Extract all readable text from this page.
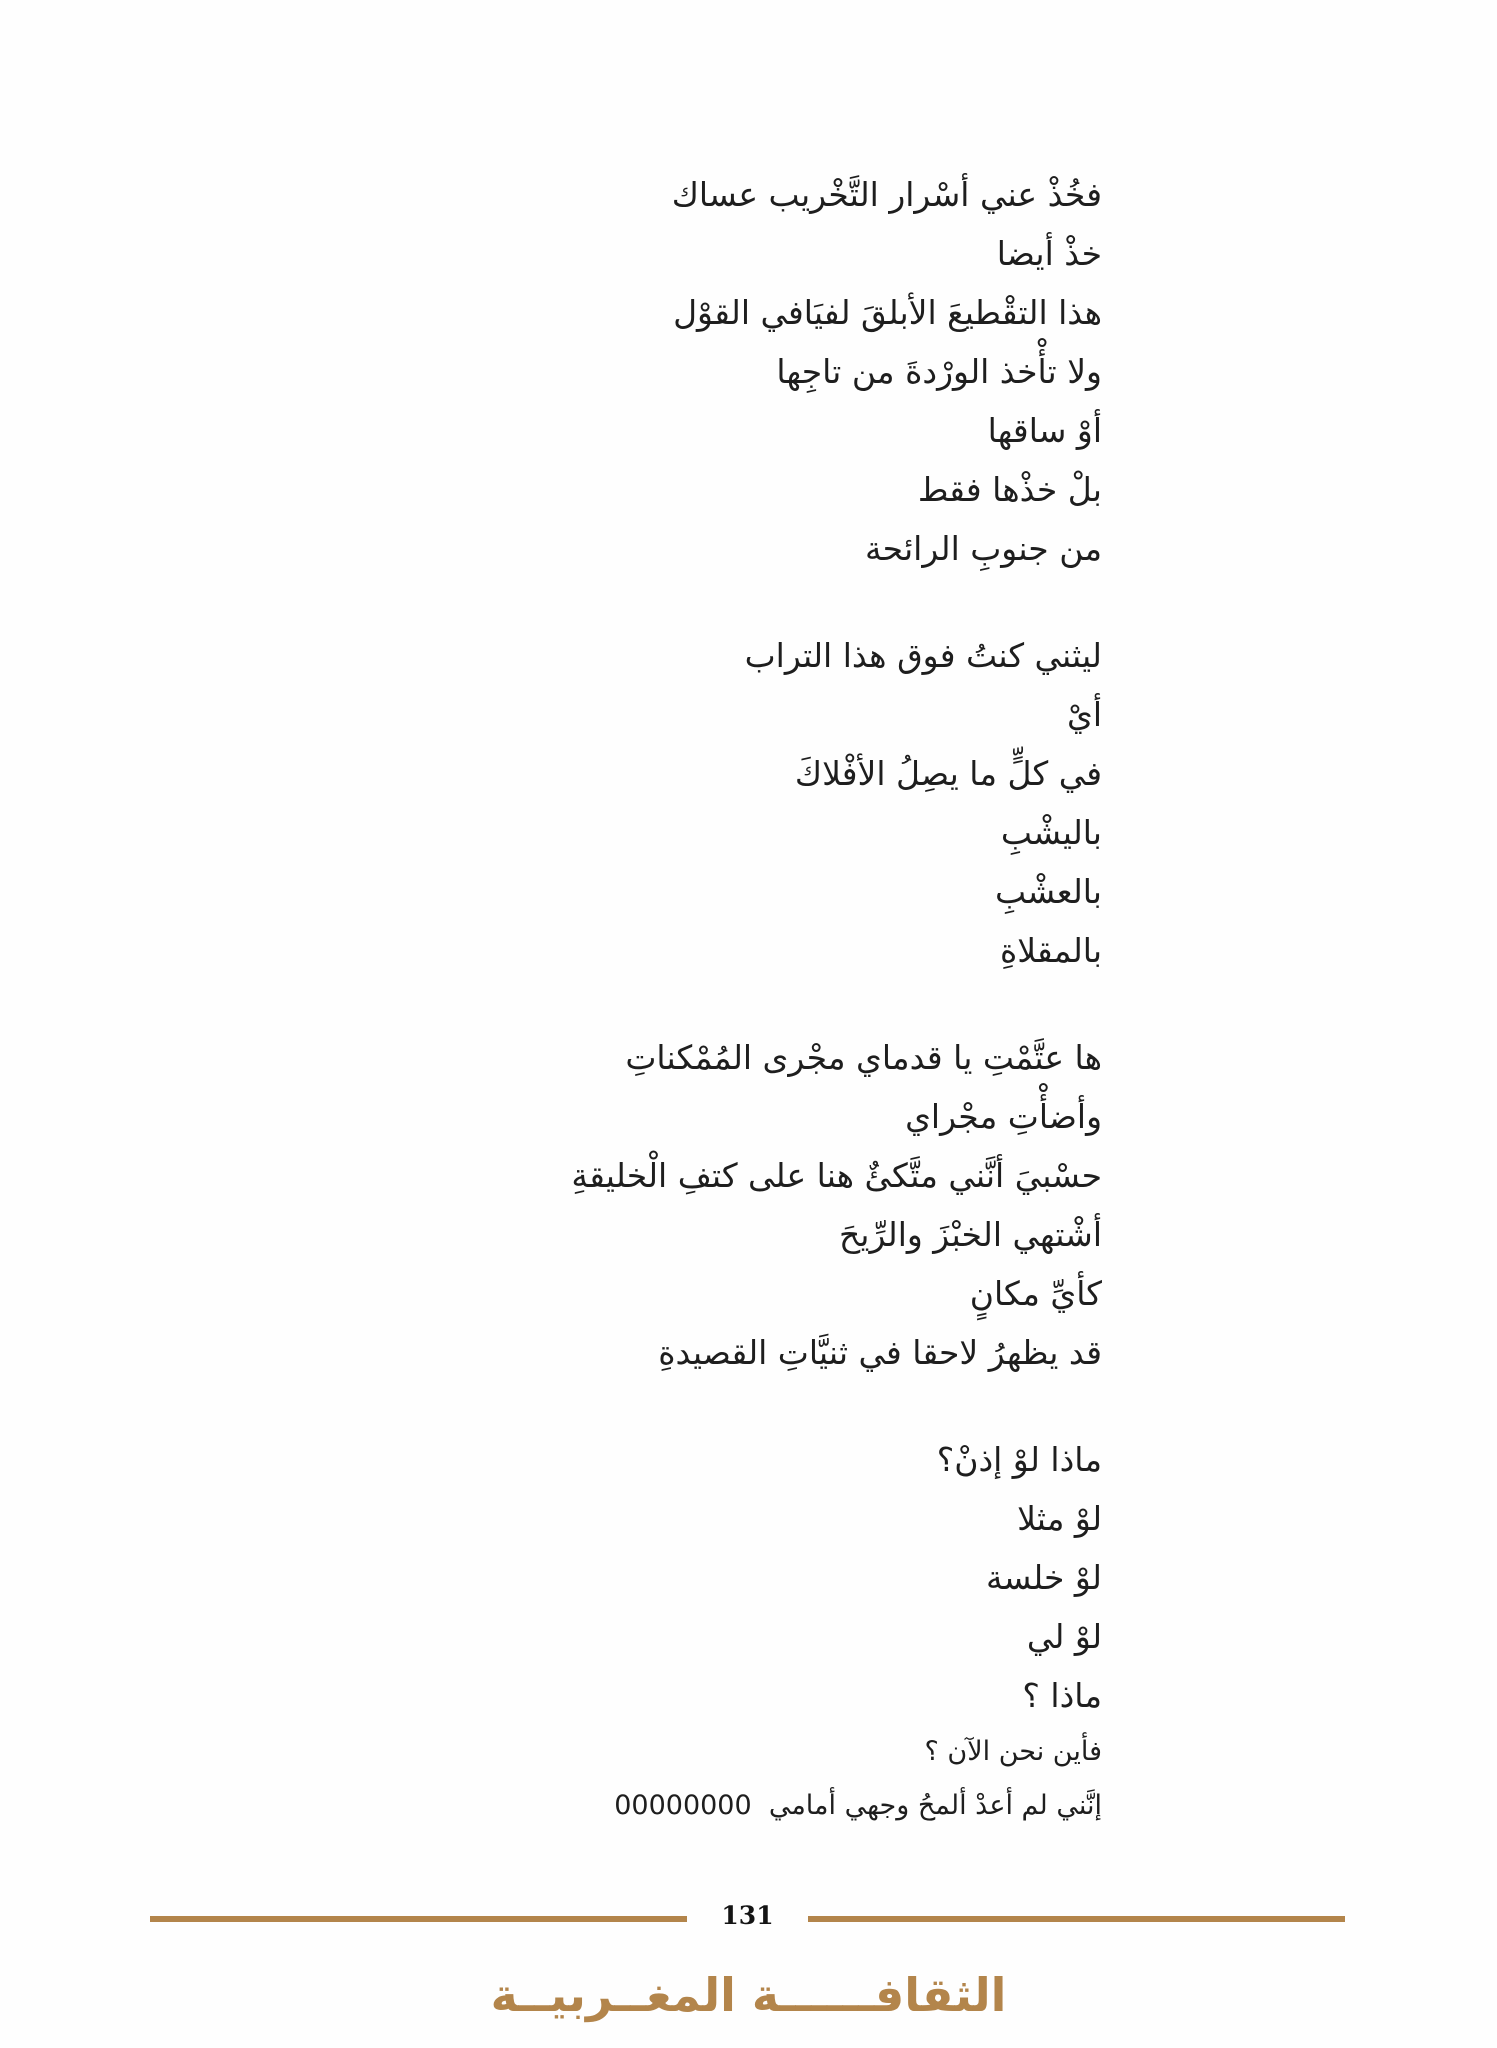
فخُذْ عني أسْرار التَّخْريب عساك
خذْ أيضا
هذا التقْطيعَ الأبلقَ لفيَافي القوْل
ولا تأْخذ الورْدةَ من تاجِها
أوْ ساقها
بلْ خذْها فقط
من جنوبِ الرائحة
ليثني كنتُ فوق هذا التراب
أيْ
في كلٍّ ما يصِلُ الأفْلاكَ
باليشْبِ
بالعشْبِ
بالمقلاةِ
ها عتَّمْتِ يا قدماي مجْرى المُمْكناتِ
وأضأْتِ مجْراي
حسْبيَ أنَّني متَّكئٌ هنا على كتفِ الْخليقةِ
أشْتهي الخبْزَ والرِّيحَ
كأيِّ مكانٍ
قد يظهرُ لاحقا في ثنيَّاتِ القصيدةِ
ماذا لوْ إذنْ؟
لوْ مثلا
لوْ خلسة
لوْ لي
ماذا ؟
فأين نحن الآن ؟
إنَّني لم أعدْ ألمحُ وجهي أمامي  00000000
131
الثقافــــــة المغــربيــة
